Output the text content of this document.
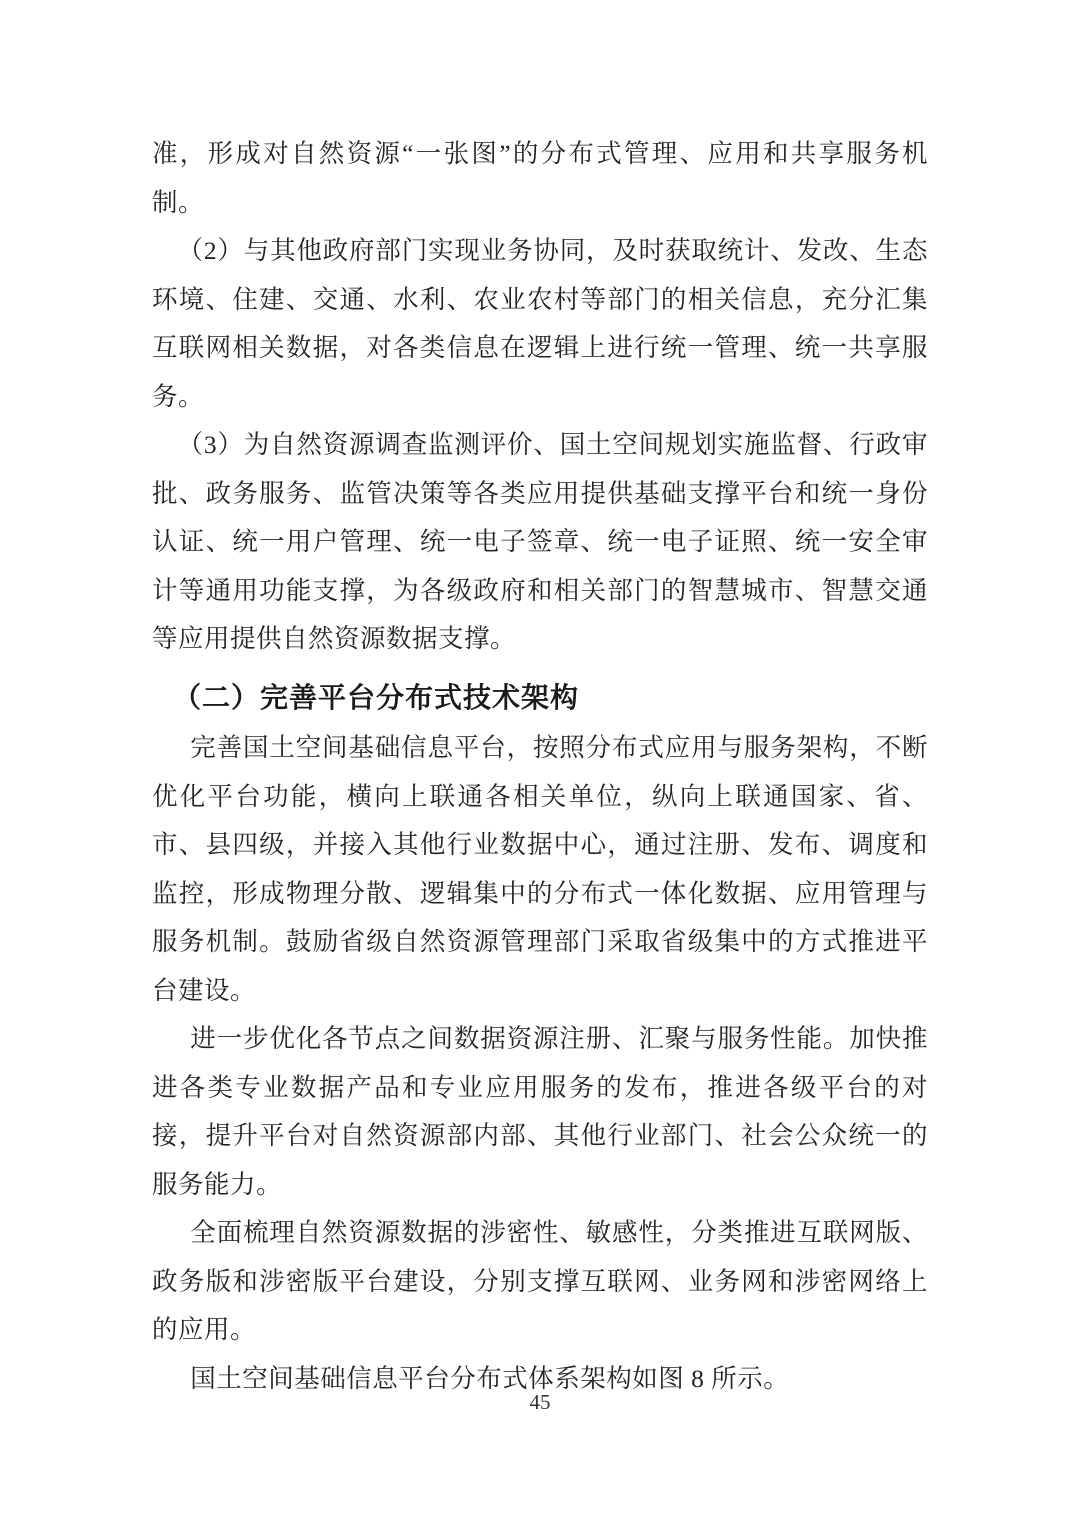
准，形成对自然资源“一张图”的分布式管理、应用和共享服务机制。

（2）与其他政府部门实现业务协同，及时获取统计、发改、生态环境、住建、交通、水利、农业农村等部门的相关信息，充分汇集互联网相关数据，对各类信息在逻辑上进行统一管理、统一共享服务。

（3）为自然资源调查监测评价、国土空间规划实施监督、行政审批、政务服务、监管决策等各类应用提供基础支撑平台和统一身份认证、统一用户管理、统一电子签章、统一电子证照、统一安全审计等通用功能支撑，为各级政府和相关部门的智慧城市、智慧交通等应用提供自然资源数据支撑。

（二）完善平台分布式技术架构

完善国土空间基础信息平台，按照分布式应用与服务架构，不断优化平台功能，横向上联通各相关单位，纵向上联通国家、省、市、县四级，并接入其他行业数据中心，通过注册、发布、调度和监控，形成物理分散、逻辑集中的分布式一体化数据、应用管理与服务机制。鼓励省级自然资源管理部门采取省级集中的方式推进平台建设。

进一步优化各节点之间数据资源注册、汇聚与服务性能。加快推进各类专业数据产品和专业应用服务的发布，推进各级平台的对接，提升平台对自然资源部内部、其他行业部门、社会公众统一的服务能力。

全面梳理自然资源数据的涉密性、敏感性，分类推进互联网版、政务版和涉密版平台建设，分别支撑互联网、业务网和涉密网络上的应用。

国土空间基础信息平台分布式体系架构如图 8 所示。

45
